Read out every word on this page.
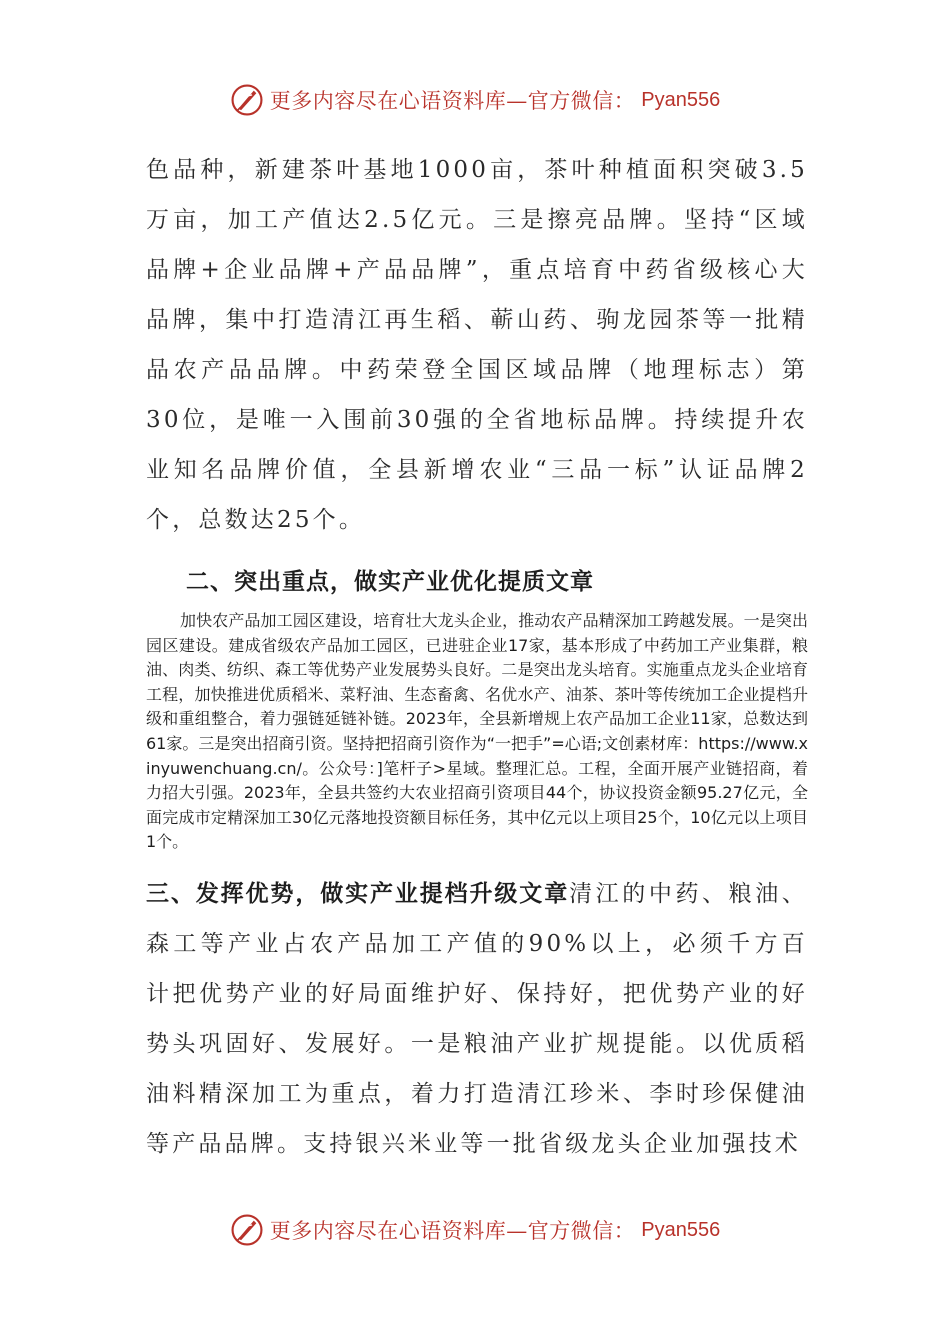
更多内容尽在心语资料库—官方微信： Pyan556

色品种，新建茶叶基地1000亩，茶叶种植面积突破3.5万亩，加工产值达2.5亿元。三是擦亮品牌。坚持“区域品牌+企业品牌+产品品牌”，重点培育中药省级核心大品牌，集中打造清江再生稻、蕲山药、驹龙园茶等一批精品农产品品牌。中药荣登全国区域品牌（地理标志）第30位，是唯一入围前30强的全省地标品牌。持续提升农业知名品牌价值，全县新增农业“三品一标”认证品牌2个，总数达25个。

二、突出重点，做实产业优化提质文章

加快农产品加工园区建设，培育壮大龙头企业，推动农产品精深加工跨越发展。一是突出园区建设。建成省级农产品加工园区，已进驻企业17家，基本形成了中药加工产业集群，粮油、肉类、纺织、森工等优势产业发展势头良好。二是突出龙头培育。实施重点龙头企业培育工程，加快推进优质稻米、菜籽油、生态畜禽、名优水产、油茶、茶叶等传统加工企业提档升级和重组整合，着力强链延链补链。2023年，全县新增规上农产品加工企业11家，总数达到61家。三是突出招商引资。坚持把招商引资作为“一把手”=心语;文创素材库：https://www.xinyuwenchuang.cn/。公众号：]笔杆子>星域。整理汇总。工程，全面开展产业链招商，着力招大引强。2023年，全县共签约大农业招商引资项目44个，协议投资金额95.27亿元，全面完成市定精深加工30亿元落地投资额目标任务，其中亿元以上项目25个，10亿元以上项目1个。

三、发挥优势，做实产业提档升级文章清江的中药、粮油、森工等产业占农产品加工产值的90%以上，必须千方百计把优势产业的好局面维护好、保持好，把优势产业的好势头巩固好、发展好。一是粮油产业扩规提能。以优质稻油料精深加工为重点，着力打造清江珍米、李时珍保健油等产品品牌。支持银兴米业等一批省级龙头企业加强技术

更多内容尽在心语资料库—官方微信： Pyan556
